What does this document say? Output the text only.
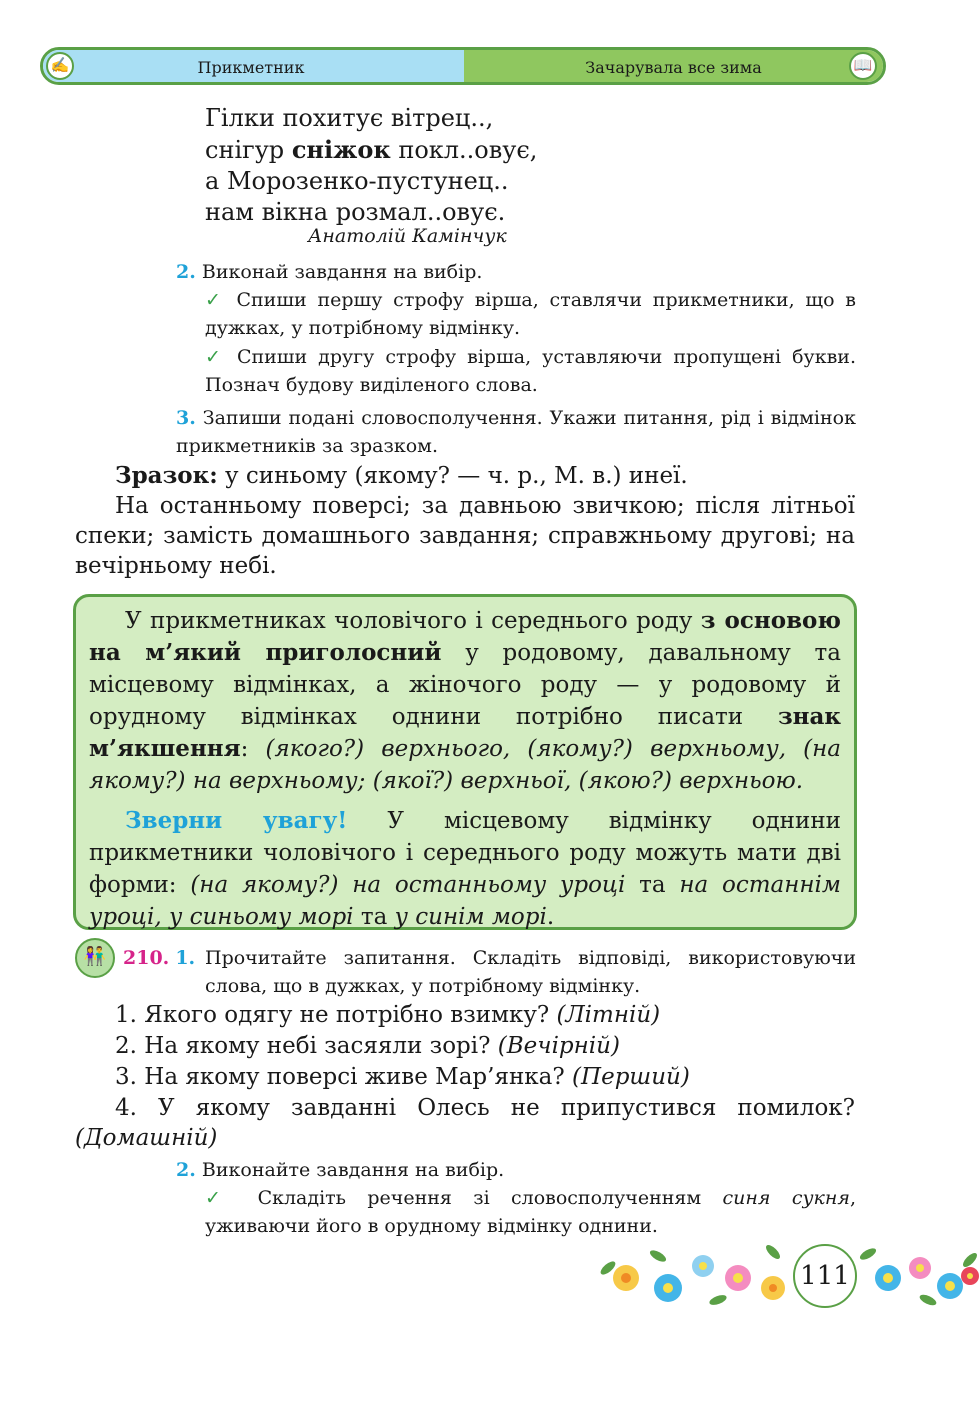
✍	Прикметник	Зачарувала все зима	📖
Гілки похитує вітрец..,
снігур сніжок покл..овує,
а Морозенко-пустунец..
нам вікна розмал..овує.
Анатолій Камінчук
2. Виконай завдання на вибір.
✓ Спиши першу строфу вірша, ставлячи прикметники, що в дужках, у потрібному відмінку.
✓ Спиши другу строфу вірша, уставляючи пропущені букви. Познач будову виділеного слова.
3. Запиши подані словосполучення. Укажи питання, рід і відмінок прикметників за зразком.
Зразок: у синьому (якому? — ч. р., М. в.) инеї.
На останньому поверсі; за давньою звичкою; після літньої спеки; замість домашнього завдання; справжньому другові; на вечірньому небі.

У прикметниках чоловічого і середнього роду з основою на м’який приголосний у родовому, давальному та місцевому відмінках, а жіночого роду — у родовому й орудному відмінках однини потрібно писати знак м’якшення: (якого?) верхнього, (якому?) верхньому, (на якому?) на верхньому; (якої?) верхньої, (якою?) верхньою.

Зверни увагу! У місцевому відмінку однини прикметники чоловічого і середнього роду можуть мати дві форми: (на якому?) на останньому уроці та на останнім уроці, у синьому морі та у синім морі.

👫 210. 1. Прочитайте запитання. Складіть відповіді, використовуючи слова, що в дужках, у потрібному відмінку.
1. Якого одягу не потрібно взимку? (Літній)
2. На якому небі засяяли зорі? (Вечірній)
3. На якому поверсі живе Мар’янка? (Перший)
4. У якому завданні Олесь не припустився помилок? (Домашній)
2. Виконайте завдання на вибір.
✓ Складіть речення зі словосполученням синя сукня, уживаючи його в орудному відмінку однини.
111
